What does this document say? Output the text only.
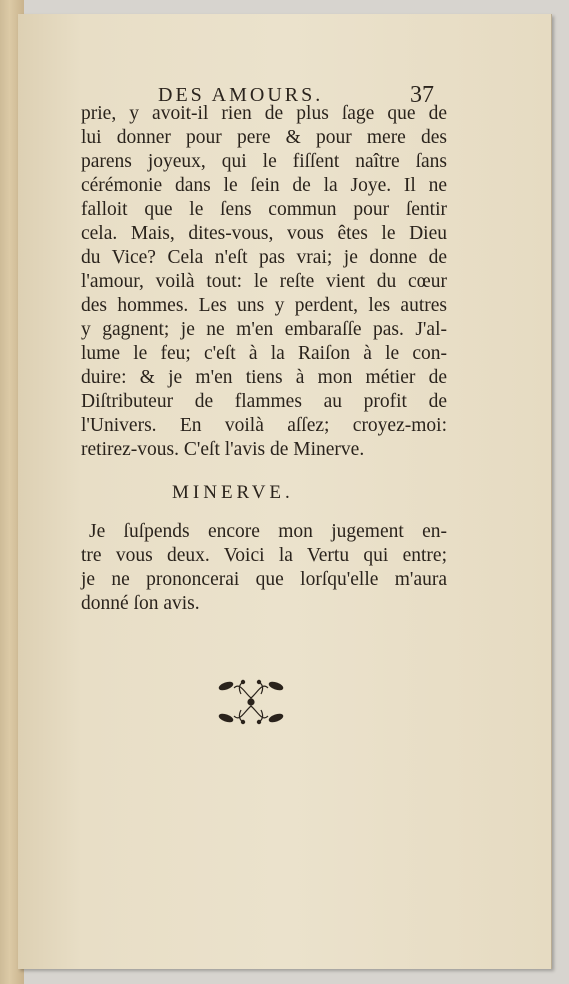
DES AMOURS.	37
prie, y avoit-il rien de plus ſage que de
lui donner pour pere & pour mere des
parens joyeux, qui le fiſſent naître ſans
cérémonie dans le ſein de la Joye. Il ne
falloit que le ſens commun pour ſentir
cela. Mais, dites-vous, vous êtes le Dieu
du Vice? Cela n'eſt pas vrai; je donne de
l'amour, voilà tout: le reſte vient du cœur
des hommes. Les uns y perdent, les autres
y gagnent; je ne m'en embaraſſe pas. J'al-
lume le feu; c'eſt à la Raiſon à le con-
duire: & je m'en tiens à mon métier de
Diſtributeur de flammes au profit de
l'Univers. En voilà aſſez; croyez-moi:
retirez-vous. C'eſt l'avis de Minerve.
MINERVE.
Je ſuſpends encore mon jugement en-
tre vous deux. Voici la Vertu qui entre;
je ne prononcerai que lorſqu'elle m'aura
donné ſon avis.
